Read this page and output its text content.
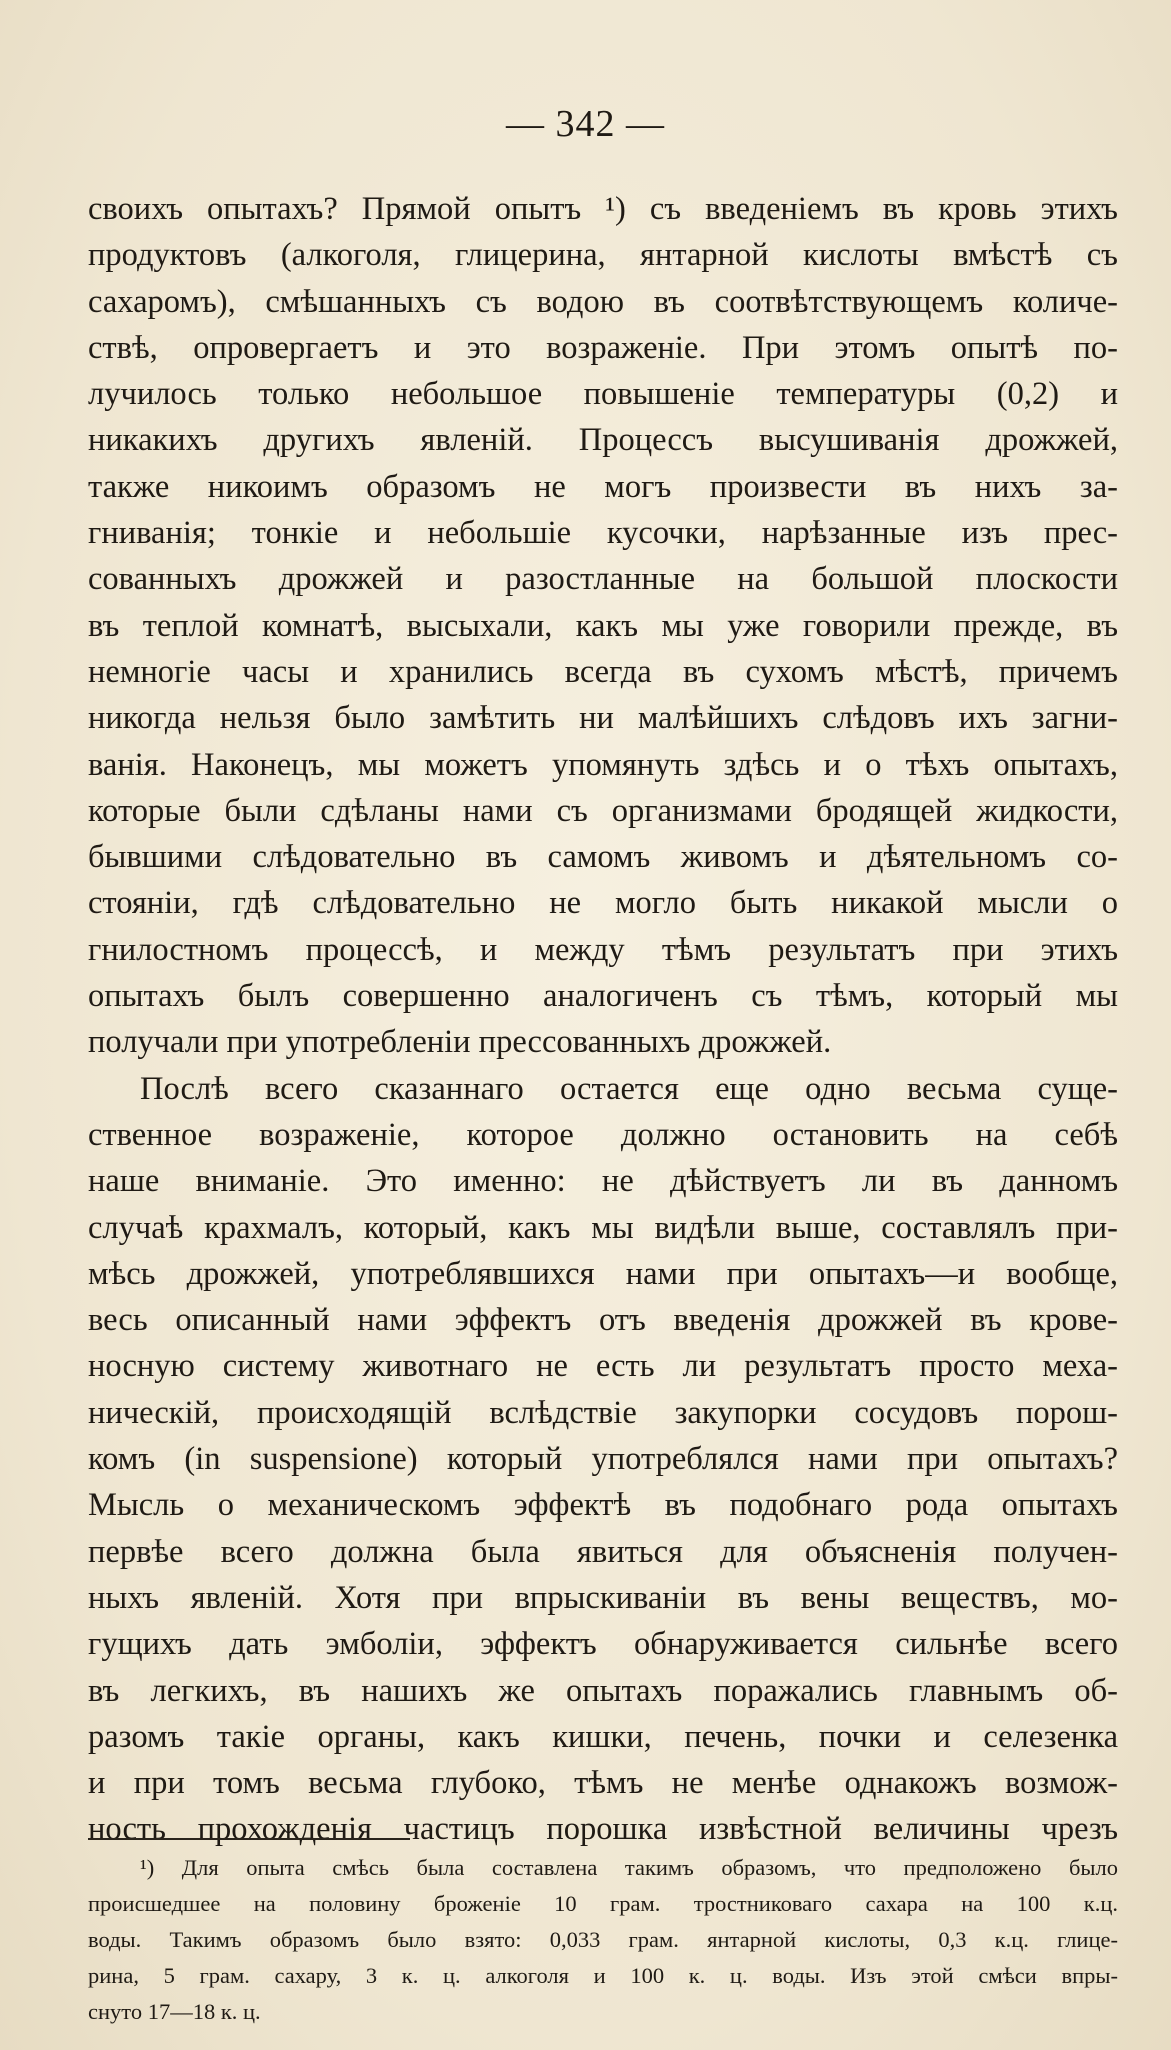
— 342 —
своихъ опытахъ? Прямой опытъ ¹) съ введеніемъ въ кровь этихъ
продуктовъ (алкоголя, глицерина, янтарной кислоты вмѣстѣ съ
сахаромъ), смѣшанныхъ съ водою въ соотвѣтствующемъ количе-
ствѣ, опровергаетъ и это возраженіе. При этомъ опытѣ по-
лучилось только небольшое повышеніе температуры (0,2) и
никакихъ другихъ явленій. Процессъ высушиванія дрожжей,
также никоимъ образомъ не могъ произвести въ нихъ за-
гниванія; тонкіе и небольшіе кусочки, нарѣзанные изъ прес-
сованныхъ дрожжей и разостланные на большой плоскости
въ теплой комнатѣ, высыхали, какъ мы уже говорили прежде, въ
немногіе часы и хранились всегда въ сухомъ мѣстѣ, причемъ
никогда нельзя было замѣтить ни малѣйшихъ слѣдовъ ихъ загни-
ванія. Наконецъ, мы можетъ упомянуть здѣсь и о тѣхъ опытахъ,
которые были сдѣланы нами съ организмами бродящей жидкости,
бывшими слѣдовательно въ самомъ живомъ и дѣятельномъ со-
стояніи, гдѣ слѣдовательно не могло быть никакой мысли о
гнилостномъ процессѣ, и между тѣмъ результатъ при этихъ
опытахъ былъ совершенно аналогиченъ съ тѣмъ, который мы
получали при употребленіи прессованныхъ дрожжей.
Послѣ всего сказаннаго остается еще одно весьма суще-
ственное возраженіе, которое должно остановить на себѣ
наше вниманіе. Это именно: не дѣйствуетъ ли въ данномъ
случаѣ крахмалъ, который, какъ мы видѣли выше, составлялъ при-
мѣсь дрожжей, употреблявшихся нами при опытахъ—и вообще,
весь описанный нами эффектъ отъ введенія дрожжей въ крове-
носную систему животнаго не есть ли результатъ просто меха-
ническій, происходящій вслѣдствіе закупорки сосудовъ порош-
комъ (in suspensione) который употреблялся нами при опытахъ?
Мысль о механическомъ эффектѣ въ подобнаго рода опытахъ
первѣе всего должна была явиться для объясненія получен-
ныхъ явленій. Хотя при впрыскиваніи въ вены веществъ, мо-
гущихъ дать эмболіи, эффектъ обнаруживается сильнѣе всего
въ легкихъ, въ нашихъ же опытахъ поражались главнымъ об-
разомъ такіе органы, какъ кишки, печень, почки и селезенка
и при томъ весьма глубоко, тѣмъ не менѣе однакожъ возмож-
ность прохожденія частицъ порошка извѣстной величины чрезъ
¹) Для опыта смѣсь была составлена такимъ образомъ, что предположено было
происшедшее на половину броженіе 10 грам. тростниковаго сахара на 100 к.ц.
воды. Такимъ образомъ было взято: 0,033 грам. янтарной кислоты, 0,3 к.ц. глице-
рина, 5 грам. сахару, 3 к. ц. алкоголя и 100 к. ц. воды. Изъ этой смѣси впры-
снуто 17—18 к. ц.
